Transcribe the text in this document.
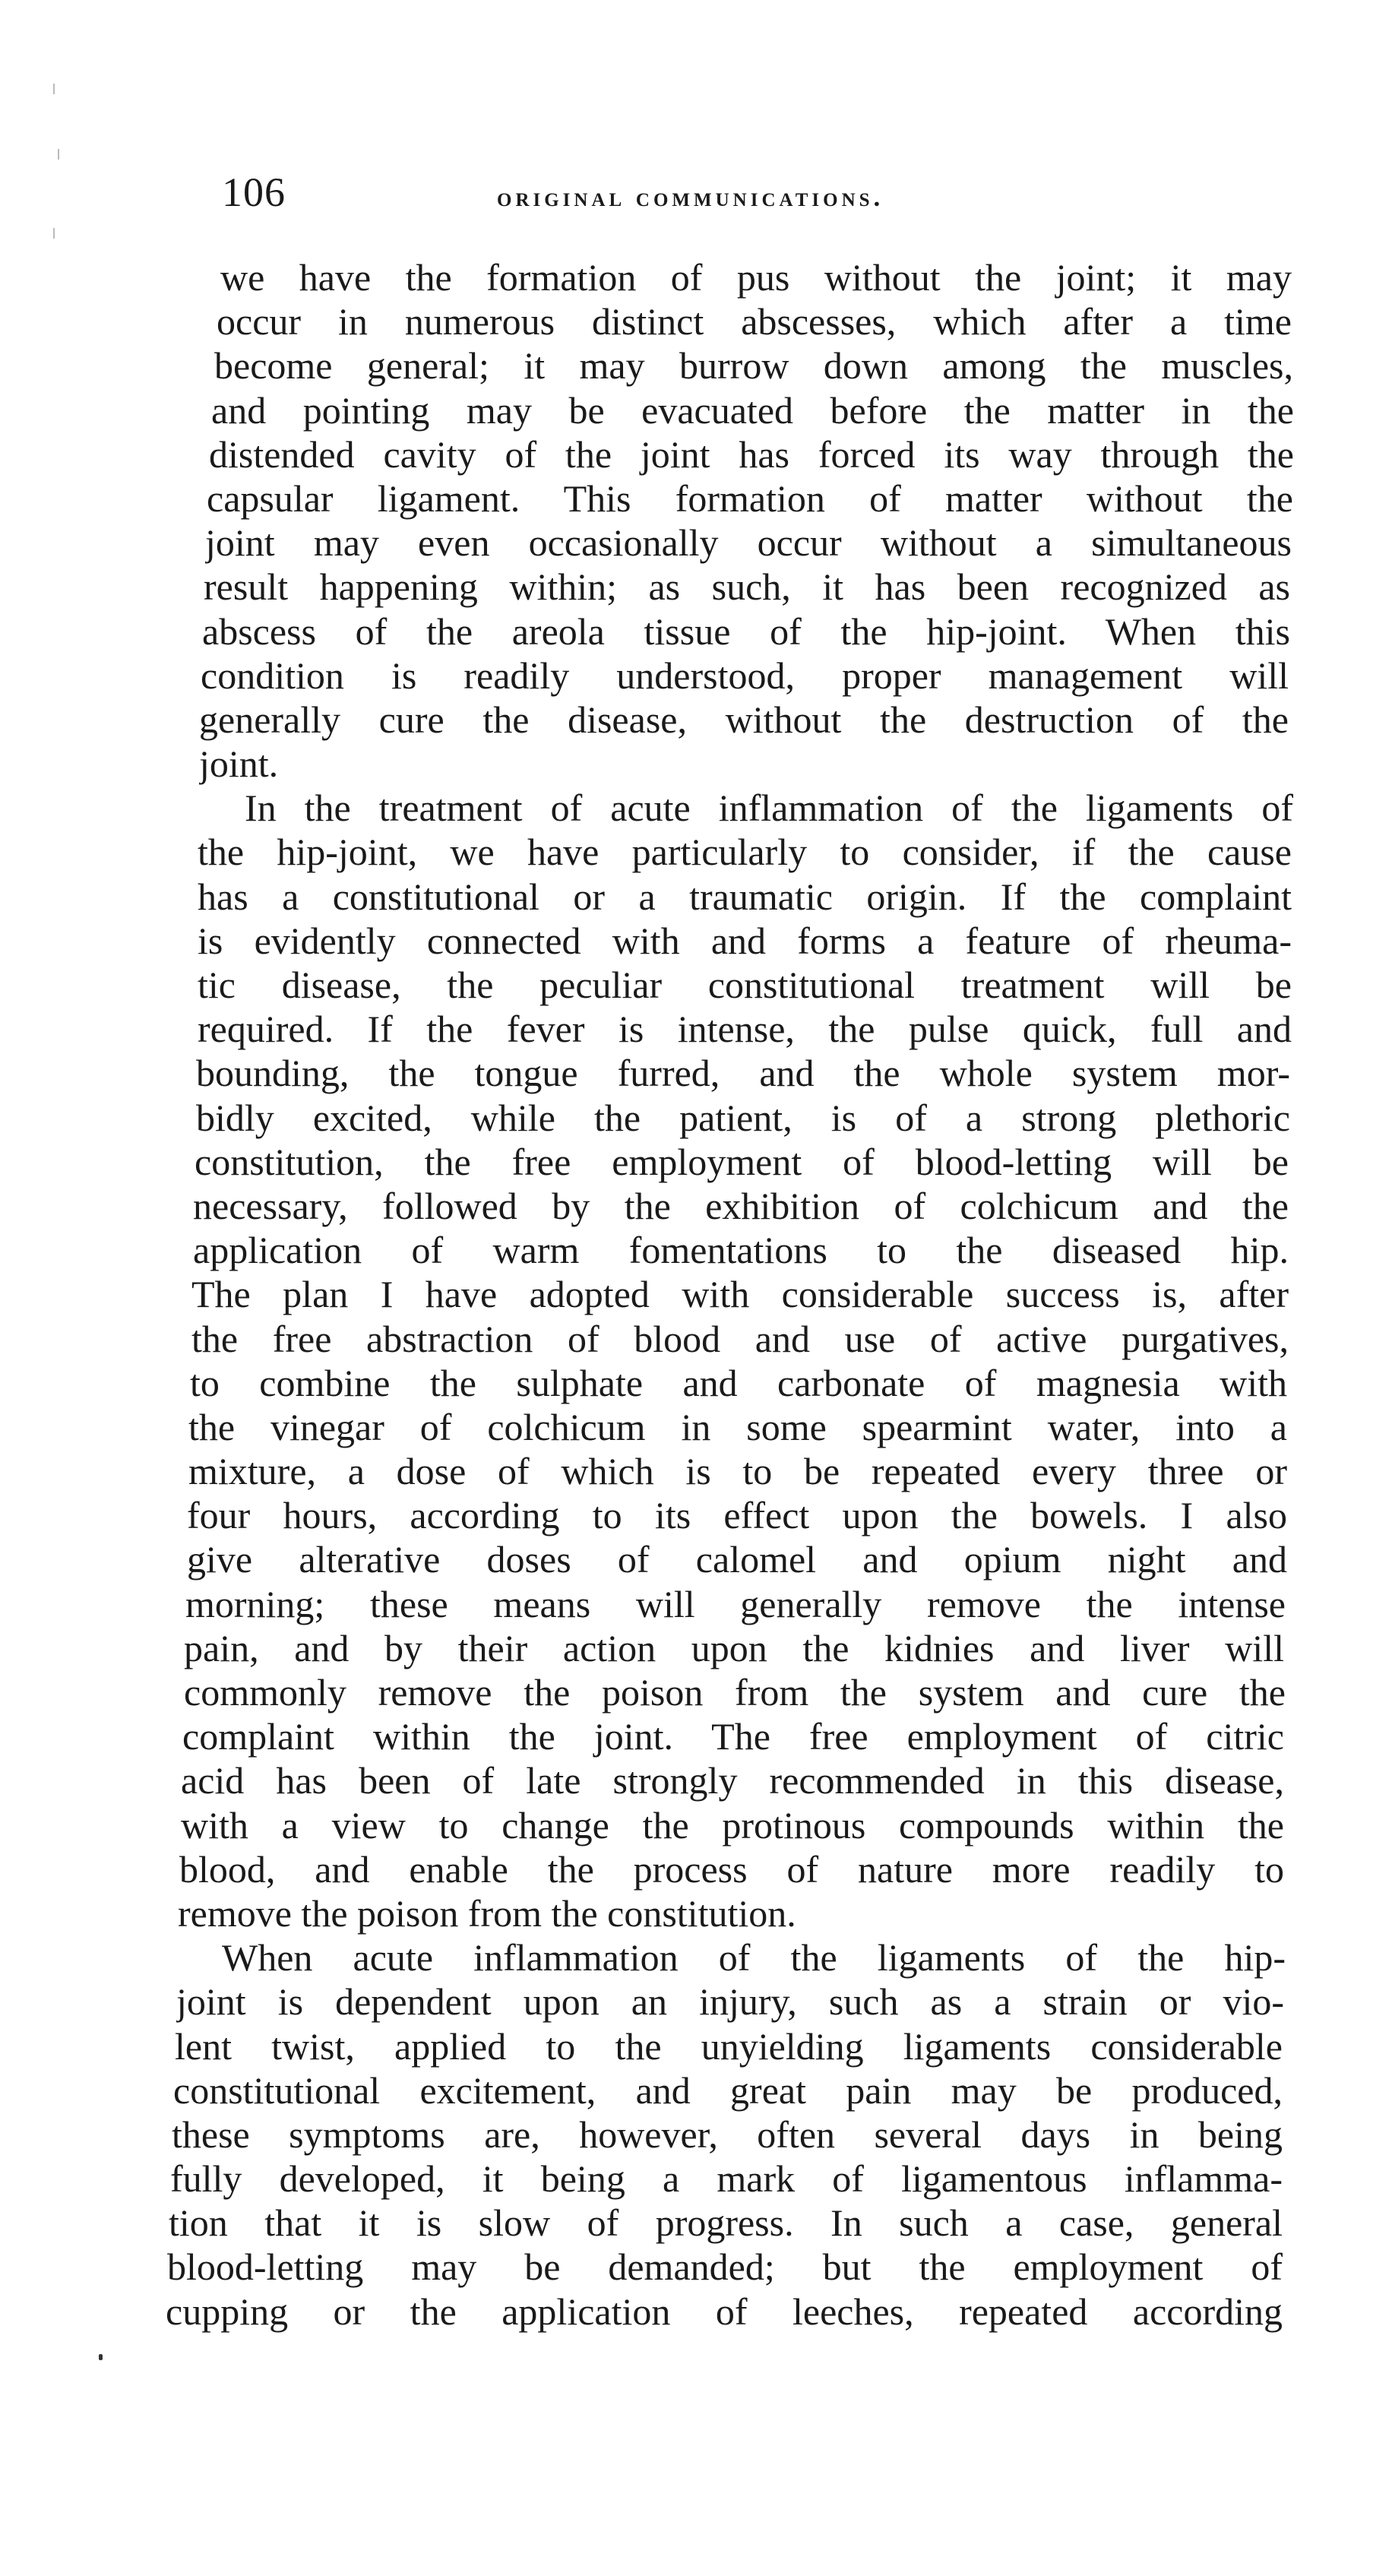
106	original communications.
we have the formation of pus without the joint; it may
occur in numerous distinct abscesses, which after a time
become general; it may burrow down among the muscles,
and pointing may be evacuated before the matter in the
distended cavity of the joint has forced its way through the
capsular ligament. This formation of matter without the
joint may even occasionally occur without a simultaneous
result happening within; as such, it has been recognized as
abscess of the areola tissue of the hip-joint. When this
condition is readily understood, proper management will
generally cure the disease, without the destruction of the
joint.
In the treatment of acute inflammation of the ligaments of
the hip-joint, we have particularly to consider, if the cause
has a constitutional or a traumatic origin. If the complaint
is evidently connected with and forms a feature of rheuma-
tic disease, the peculiar constitutional treatment will be
required. If the fever is intense, the pulse quick, full and
bounding, the tongue furred, and the whole system mor-
bidly excited, while the patient, is of a strong plethoric
constitution, the free employment of blood-letting will be
necessary, followed by the exhibition of colchicum and the
application of warm fomentations to the diseased hip.
The plan I have adopted with considerable success is, after
the free abstraction of blood and use of active purgatives,
to combine the sulphate and carbonate of magnesia with
the vinegar of colchicum in some spearmint water, into a
mixture, a dose of which is to be repeated every three or
four hours, according to its effect upon the bowels. I also
give alterative doses of calomel and opium night and
morning; these means will generally remove the intense
pain, and by their action upon the kidnies and liver will
commonly remove the poison from the system and cure the
complaint within the joint. The free employment of citric
acid has been of late strongly recommended in this disease,
with a view to change the protinous compounds within the
blood, and enable the process of nature more readily to
remove the poison from the constitution.
When acute inflammation of the ligaments of the hip-
joint is dependent upon an injury, such as a strain or vio-
lent twist, applied to the unyielding ligaments considerable
constitutional excitement, and great pain may be produced,
these symptoms are, however, often several days in being
fully developed, it being a mark of ligamentous inflamma-
tion that it is slow of progress. In such a case, general
blood-letting may be demanded; but the employment of
cupping or the application of leeches, repeated according
